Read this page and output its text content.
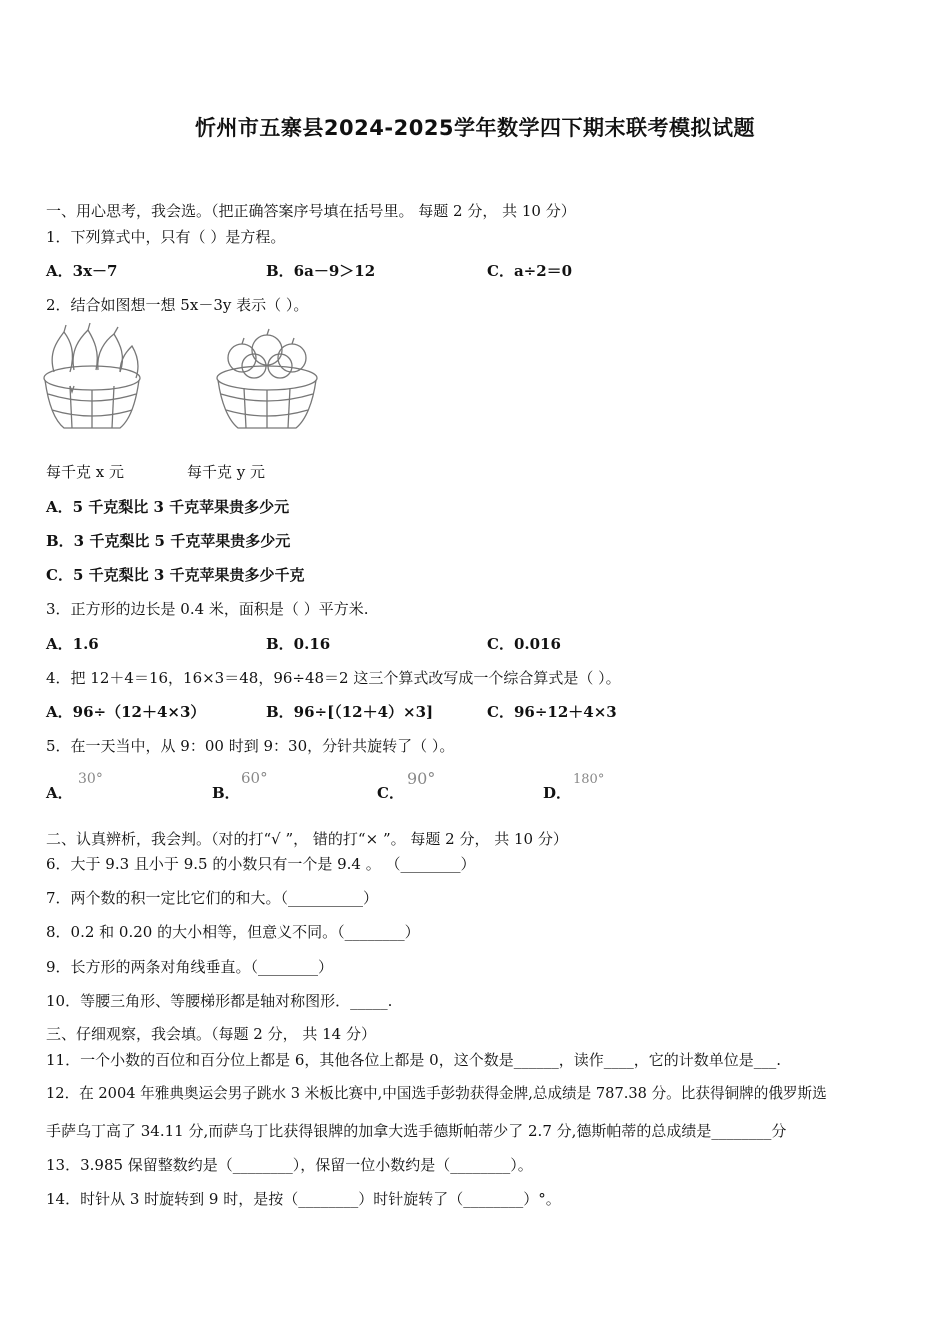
忻州市五寨县2024-2025学年数学四下期末联考模拟试题
一、用心思考，我会选。（把正确答案序号填在括号里。 每题 2 分， 共 10 分）
1．下列算式中，只有（ ）是方程。
A．3x－7	B．6a－9＞12	C．a÷2＝0
2．结合如图想一想 5x－3y 表示（ ）。
每千克 x 元	每千克 y 元
A．5 千克梨比 3 千克苹果贵多少元
B．3 千克梨比 5 千克苹果贵多少元
C．5 千克梨比 3 千克苹果贵多少千克
3．正方形的边长是 0.4 米，面积是（ ）平方米.
A．1.6	B．0.16	C．0.016
4．把 12＋4＝16，16×3＝48，96÷48＝2 这三个算式改写成一个综合算式是（ ）。
A．96÷（12＋4×3）	B．96÷[（12＋4）×3]	C．96÷12＋4×3
5．在一天当中，从 9：00 时到 9：30，分针共旋转了（ ）。
A．
30°
B．
60°
C．
90°
D．
180°
二、认真辨析，我会判。（对的打“√ ”， 错的打“× ”。 每题 2 分， 共 10 分）
6．大于 9.3 且小于 9.5 的小数只有一个是 9.4 。 （________）
7．两个数的积一定比它们的和大。（__________）
8．0.2 和 0.20 的大小相等，但意义不同。（________）
9．长方形的两条对角线垂直。（________）
10．等腰三角形、等腰梯形都是轴对称图形．_____.
三、仔细观察，我会填。（每题 2 分， 共 14 分）
11．一个小数的百位和百分位上都是 6，其他各位上都是 0，这个数是______，读作____，它的计数单位是___.
12．在 2004 年雅典奥运会男子跳水 3 米板比赛中,中国选手彭勃获得金牌,总成绩是 787.38 分。比获得铜牌的俄罗斯选
手萨乌丁高了 34.11 分,而萨乌丁比获得银牌的加拿大选手德斯帕蒂少了 2.7 分,德斯帕蒂的总成绩是________分
13．3.985 保留整数约是（________），保留一位小数约是（________）。
14．时针从 3 时旋转到 9 时，是按（________）时针旋转了（________）°。
